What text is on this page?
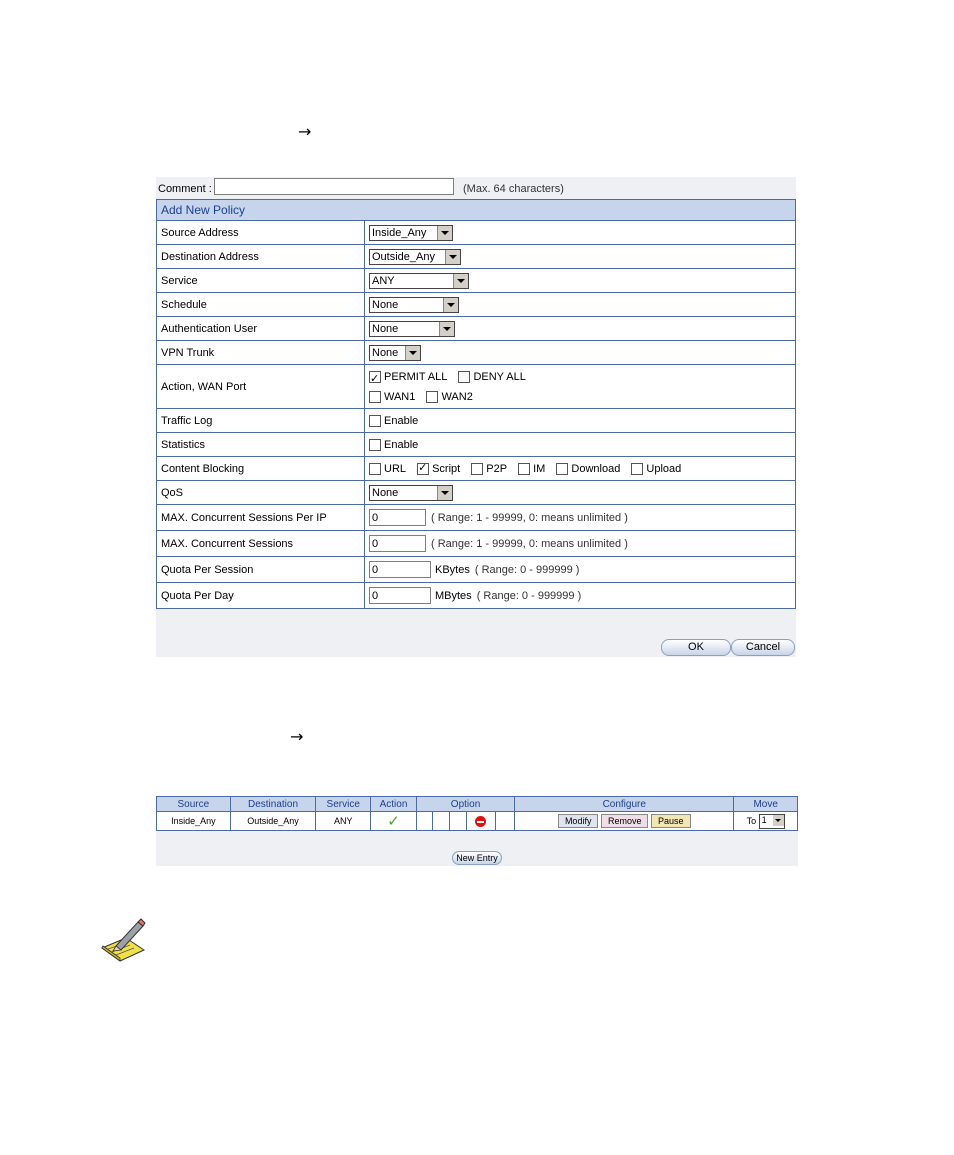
→
→
Comment :	(Max. 64 characters)
Add New Policy	
Source Address	Inside_Any

Destination Address	Outside_Any

Service	ANY

Schedule	None

Authentication User	None

VPN Trunk	None

Action, WAN Port	✓PERMIT ALL DENY ALL
WAN1 WAN2
Traffic Log	Enable
Statistics	Enable
Content Blocking	URL ✓ Script P2P IM Download Upload
QoS	None

MAX. Concurrent Sessions Per IP	0 ( Range: 1 - 99999, 0: means unlimited )
MAX. Concurrent Sessions	0 ( Range: 1 - 99999, 0: means unlimited )
Quota Per Session	0 KBytes ( Range: 0 - 999999 )
Quota Per Day	0 MBytes ( Range: 0 - 999999 )
OK	Cancel
Source	Destination	Service	Action	Option					Configure	Move
Inside_Any	Outside_Any	ANY	✓						Modify Remove Pause	To 1
New Entry
